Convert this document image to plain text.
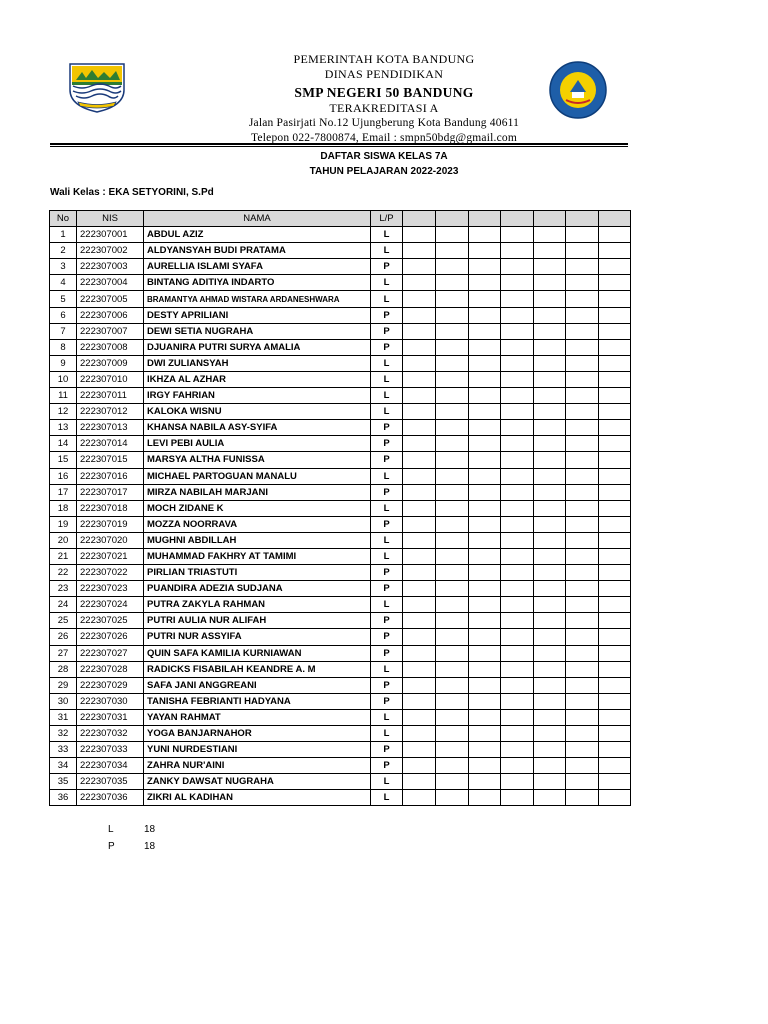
PEMERINTAH KOTA BANDUNG
DINAS PENDIDIKAN
SMP NEGERI 50 BANDUNG
TERAKREDITASI A
Jalan Pasirjati No.12 Ujungberung Kota Bandung 40611
Telepon 022-7800874, Email : smpn50bdg@gmail.com
DAFTAR SISWA KELAS 7A
TAHUN PELAJARAN 2022-2023
Wali Kelas : EKA SETYORINI, S.Pd
No	NIS	NAMA	L/P							
1	222307001	ABDUL AZIZ	L							
2	222307002	ALDYANSYAH BUDI PRATAMA	L							
3	222307003	AURELLIA ISLAMI SYAFA	P							
4	222307004	BINTANG ADITIYA INDARTO	L							
5	222307005	BRAMANTYA AHMAD WISTARA ARDANESHWARA	L							
6	222307006	DESTY APRILIANI	P							
7	222307007	DEWI SETIA NUGRAHA	P							
8	222307008	DJUANIRA PUTRI SURYA AMALIA	P							
9	222307009	DWI ZULIANSYAH	L							
10	222307010	IKHZA AL AZHAR	L							
11	222307011	IRGY FAHRIAN	L							
12	222307012	KALOKA WISNU	L							
13	222307013	KHANSA NABILA ASY-SYIFA	P							
14	222307014	LEVI PEBI AULIA	P							
15	222307015	MARSYA ALTHA FUNISSA	P							
16	222307016	MICHAEL PARTOGUAN MANALU	L							
17	222307017	MIRZA NABILAH MARJANI	P							
18	222307018	MOCH ZIDANE K	L							
19	222307019	MOZZA NOORRAVA	P							
20	222307020	MUGHNI ABDILLAH	L							
21	222307021	MUHAMMAD FAKHRY AT TAMIMI	L							
22	222307022	PIRLIAN TRIASTUTI	P							
23	222307023	PUANDIRA ADEZIA SUDJANA	P							
24	222307024	PUTRA ZAKYLA RAHMAN	L							
25	222307025	PUTRI AULIA NUR ALIFAH	P							
26	222307026	PUTRI NUR ASSYIFA	P							
27	222307027	QUIN SAFA KAMILIA KURNIAWAN	P							
28	222307028	RADICKS FISABILAH KEANDRE A. M	L							
29	222307029	SAFA JANI ANGGREANI	P							
30	222307030	TANISHA FEBRIANTI HADYANA	P							
31	222307031	YAYAN RAHMAT	L							
32	222307032	YOGA BANJARNAHOR	L							
33	222307033	YUNI NURDESTIANI	P							
34	222307034	ZAHRA NUR'AINI	P							
35	222307035	ZANKY DAWSAT NUGRAHA	L							
36	222307036	ZIKRI AL KADIHAN	L							
L	18
P	18
